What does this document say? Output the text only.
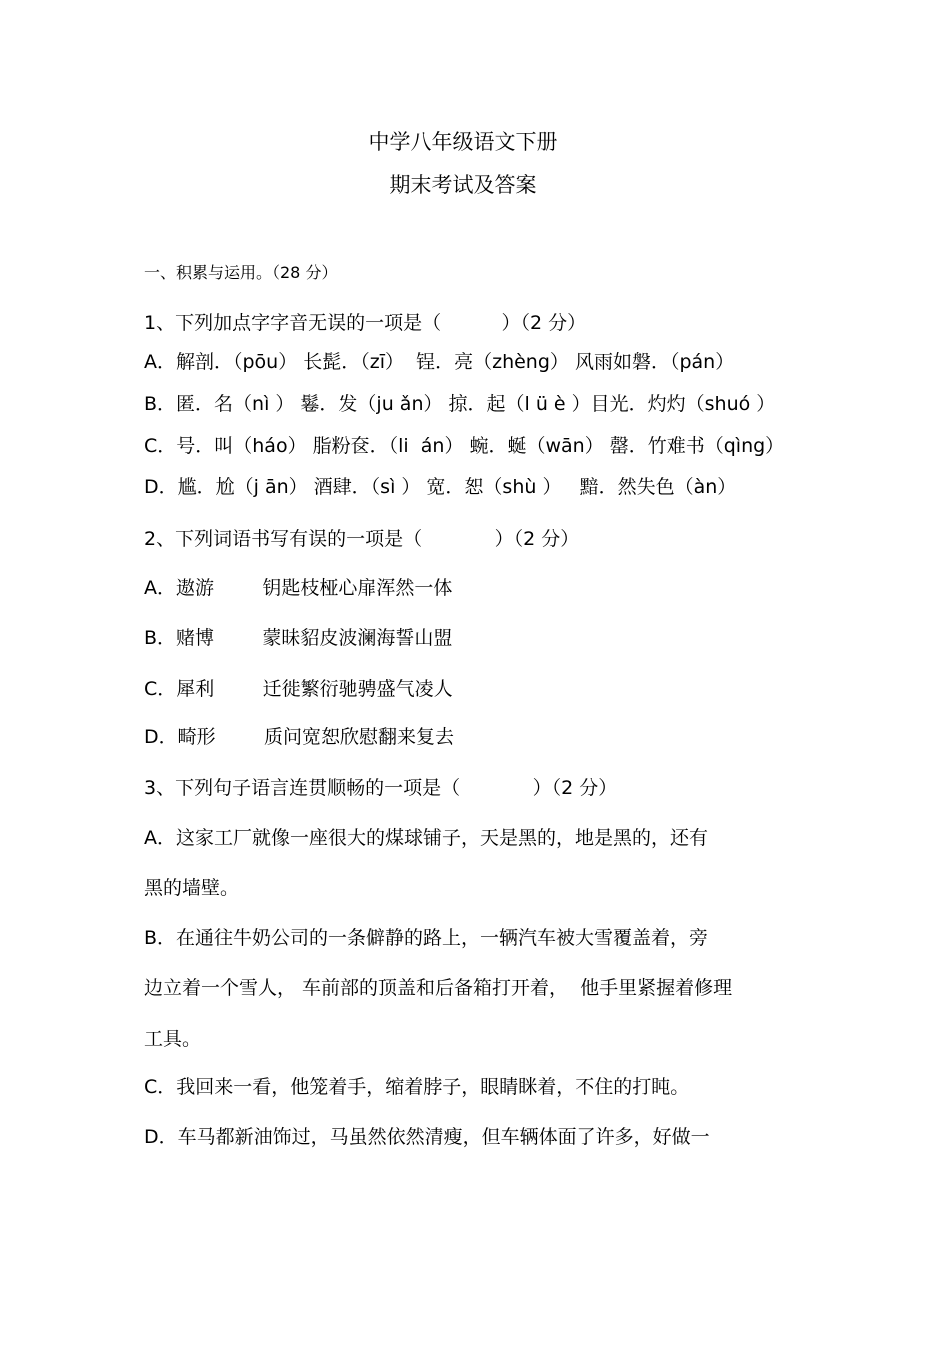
中学八年级语文下册
期末考试及答案
一、积累与运用。（28 分）
1、下列加点字字音无误的一项是（          ）（2 分）
A．解剖．（pōu） 长髭．（zī）  锃．亮（zhèng） 风雨如磐．（pán）
B．匿．名（nì ） 鬈．发（ju ǎn） 掠．起（l ü è ）目光．灼灼（shuó ）
C．号．叫（háo） 脂粉奁．（li  án） 蜿．蜒（wān） 罄．竹难书（qìng）
D．尴．尬（j ān） 酒肆．（sì ） 宽．恕（shù ）   黯．然失色（àn）
2、下列词语书写有误的一项是（            ）（2 分）
A．遨游        钥匙枝桠心扉浑然一体
B．赌博        蒙昧貂皮波澜海誓山盟
C．犀利        迁徙繁衍驰骋盛气凌人
D．畸形        质问宽恕欣慰翻来复去
3、下列句子语言连贯顺畅的一项是（            ）（2 分）
A．这家工厂就像一座很大的煤球铺子，天是黑的，地是黑的，还有
黑的墙壁。
B．在通往牛奶公司的一条僻静的路上，一辆汽车被大雪覆盖着，旁
边立着一个雪人， 车前部的顶盖和后备箱打开着，  他手里紧握着修理
工具。
C．我回来一看，他笼着手，缩着脖子，眼睛眯着，不住的打盹。
D．车马都新油饰过，马虽然依然清瘦，但车辆体面了许多，好做一
